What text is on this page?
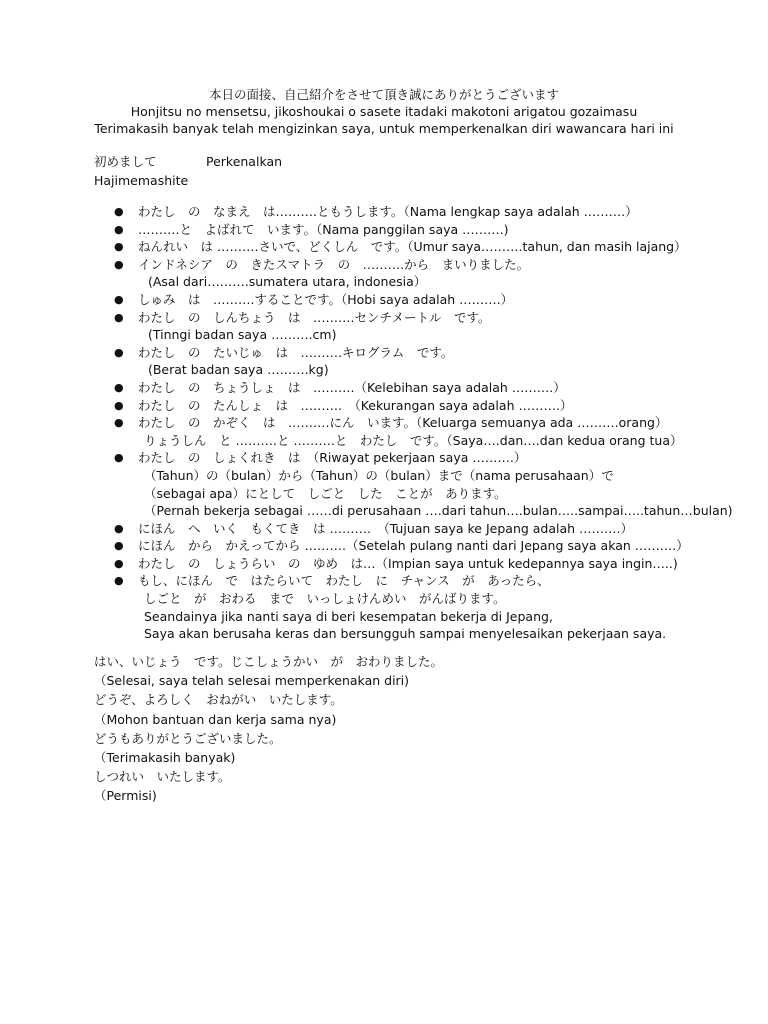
本日の面接、自己紹介をさせて頂き誠にありがとうございます
Honjitsu no mensetsu, jikoshoukai o sasete itadaki makotoni arigatou gozaimasu
Terimakasih banyak telah mengizinkan saya, untuk memperkenalkan diri wawancara hari ini
初めまして	Perkenalkan
Hajimemashite
● わたし　の　なまえ　は……….ともうします。（Nama lengkap saya adalah ……….）
● ……….と　よばれて　います。（Nama panggilan saya ……….)
● ねんれい　は ……….さいで、どくしん　です。（Umur saya……….tahun, dan masih lajang）
● インドネシア　の　きたスマトラ　の　……….から　まいりました。
(Asal dari……….sumatera utara, indonesia）
● しゅみ　は　……….することです。（Hobi saya adalah ……….）
● わたし　の　しんちょう　は　……….センチメートル　です。
(Tinngi badan saya ……….cm)
● わたし　の　たいじゅ　は　……….キログラム　です。
(Berat badan saya ……….kg)
● わたし　の　ちょうしょ　は　……….（Kelebihan saya adalah ……….）
● わたし　の　たんしょ　は　……….　（Kekurangan saya adalah ……….）
● わたし　の　かぞく　は　……….にん　います。（Keluarga semuanya ada ……….orang）
りょうしん　と ……….と ……….と　わたし　です。（Saya….dan….dan kedua orang tua）
● わたし　の　しょくれき　は　（Riwayat pekerjaan saya ……….）
（Tahun）の（bulan）から（Tahun）の（bulan）まで（nama perusahaan）で
（sebagai apa）にとして　しごと　した　ことが　あります。
（Pernah bekerja sebagai ……di perusahaan ….dari tahun….bulan…..sampai…..tahun…bulan)
● にほん　へ　いく　もくてき　は ……….　（Tujuan saya ke Jepang adalah ……….）
● にほん　から　かえってから ……….（Setelah pulang nanti dari Jepang saya akan ……….）
● わたし　の　しょうらい　の　ゆめ　は…（Impian saya untuk kedepannya saya ingin…..)
● もし、にほん　で　はたらいて　わたし　に　チャンス　が　あったら、
しごと　が　おわる　まで　いっしょけんめい　がんばります。
Seandainya jika nanti saya di beri kesempatan bekerja di Jepang,
Saya akan berusaha keras dan bersungguh sampai menyelesaikan pekerjaan saya.
はい、いじょう　です。じこしょうかい　が　おわりました。
（Selesai, saya telah selesai memperkenakan diri)
どうぞ、よろしく　おねがい　いたします。
（Mohon bantuan dan kerja sama nya)
どうもありがとうございました。
（Terimakasih banyak)
しつれい　いたします。
（Permisi)
